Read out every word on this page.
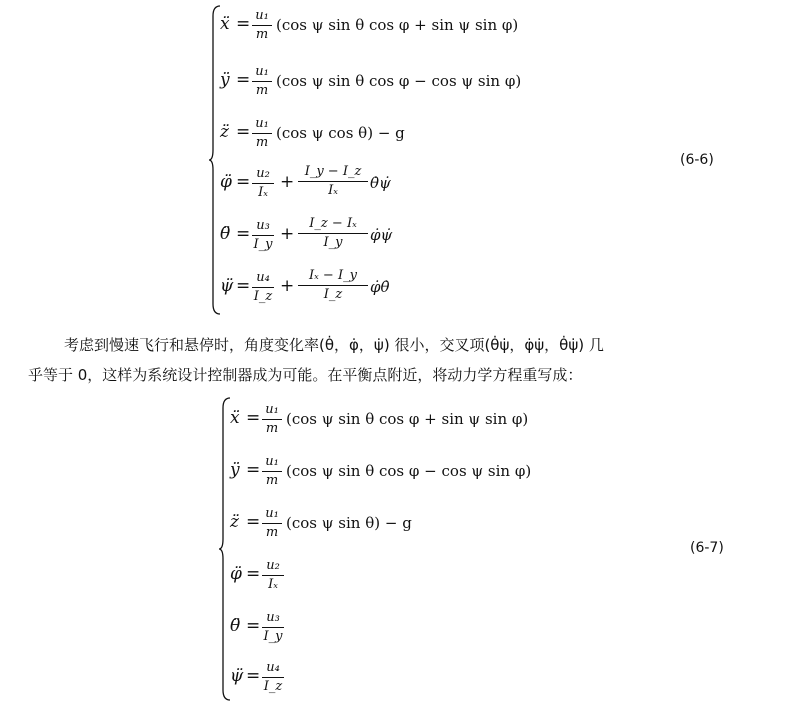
ẍ = u₁
m
(cos ψ sin θ cos φ + sin ψ sin φ)
ÿ = u₁
m
(cos ψ sin θ cos φ − cos ψ sin φ)
z̈ = u₁
m
(cos ψ cos θ) − g
φ̈ = u₂
Iₓ
+
I_y − I_z
Iₓ	θ̇ψ̇
θ̈ = u₃
I_y
+
I_z − Iₓ
I_y	φ̇ψ̇
ψ̈ = u₄
I_z
+
Iₓ − I_y
I_z	φ̇θ̇
(6-6)
考虑到慢速飞行和悬停时，角度变化率(θ̇，φ̇，ψ̇) 很小，交叉项(θ̇ψ̇，φ̇ψ̇，θ̇ψ̇) 几
乎等于 0，这样为系统设计控制器成为可能。在平衡点附近，将动力学方程重写成：
ẍ = u₁
m
(cos ψ sin θ cos φ + sin ψ sin φ)
ÿ = u₁
m
(cos ψ sin θ cos φ − cos ψ sin φ)
z̈ = u₁
m
(cos ψ sin θ) − g
φ̈ = u₂
Iₓ
θ̈ = u₃
I_y
ψ̈ = u₄
I_z
(6-7)
